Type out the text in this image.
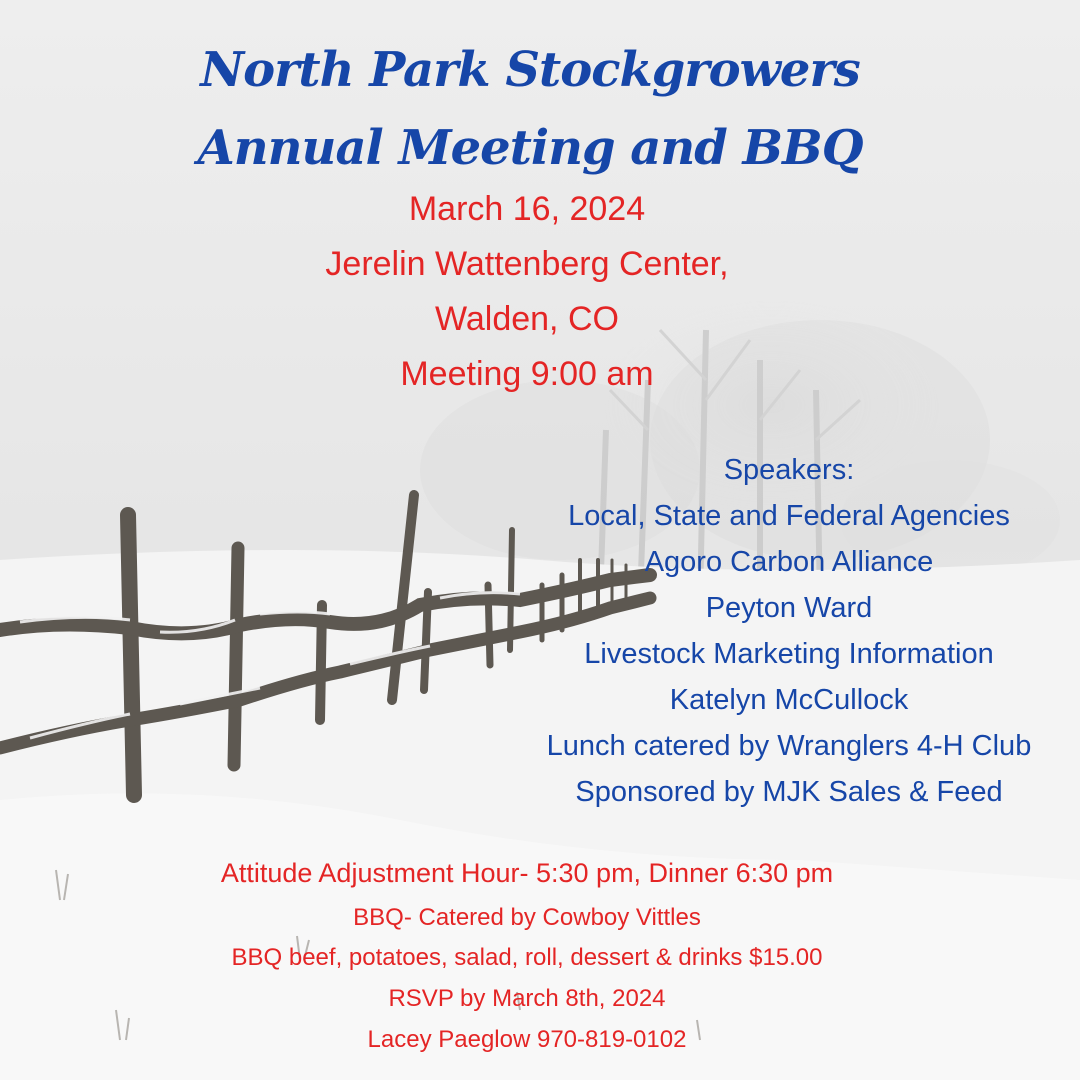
North Park Stockgrowers
Annual Meeting and BBQ
March 16, 2024
Jerelin Wattenberg Center,
Walden, CO
Meeting 9:00 am
Speakers:
Local, State and Federal Agencies
Agoro Carbon Alliance
Peyton Ward
Livestock Marketing Information
Katelyn McCullock
Lunch catered by Wranglers 4-H Club
Sponsored by MJK Sales & Feed
Attitude Adjustment Hour- 5:30 pm, Dinner 6:30 pm
BBQ- Catered by Cowboy Vittles
BBQ beef, potatoes, salad, roll, dessert & drinks $15.00
RSVP by March 8th, 2024
Lacey Paeglow 970-819-0102
